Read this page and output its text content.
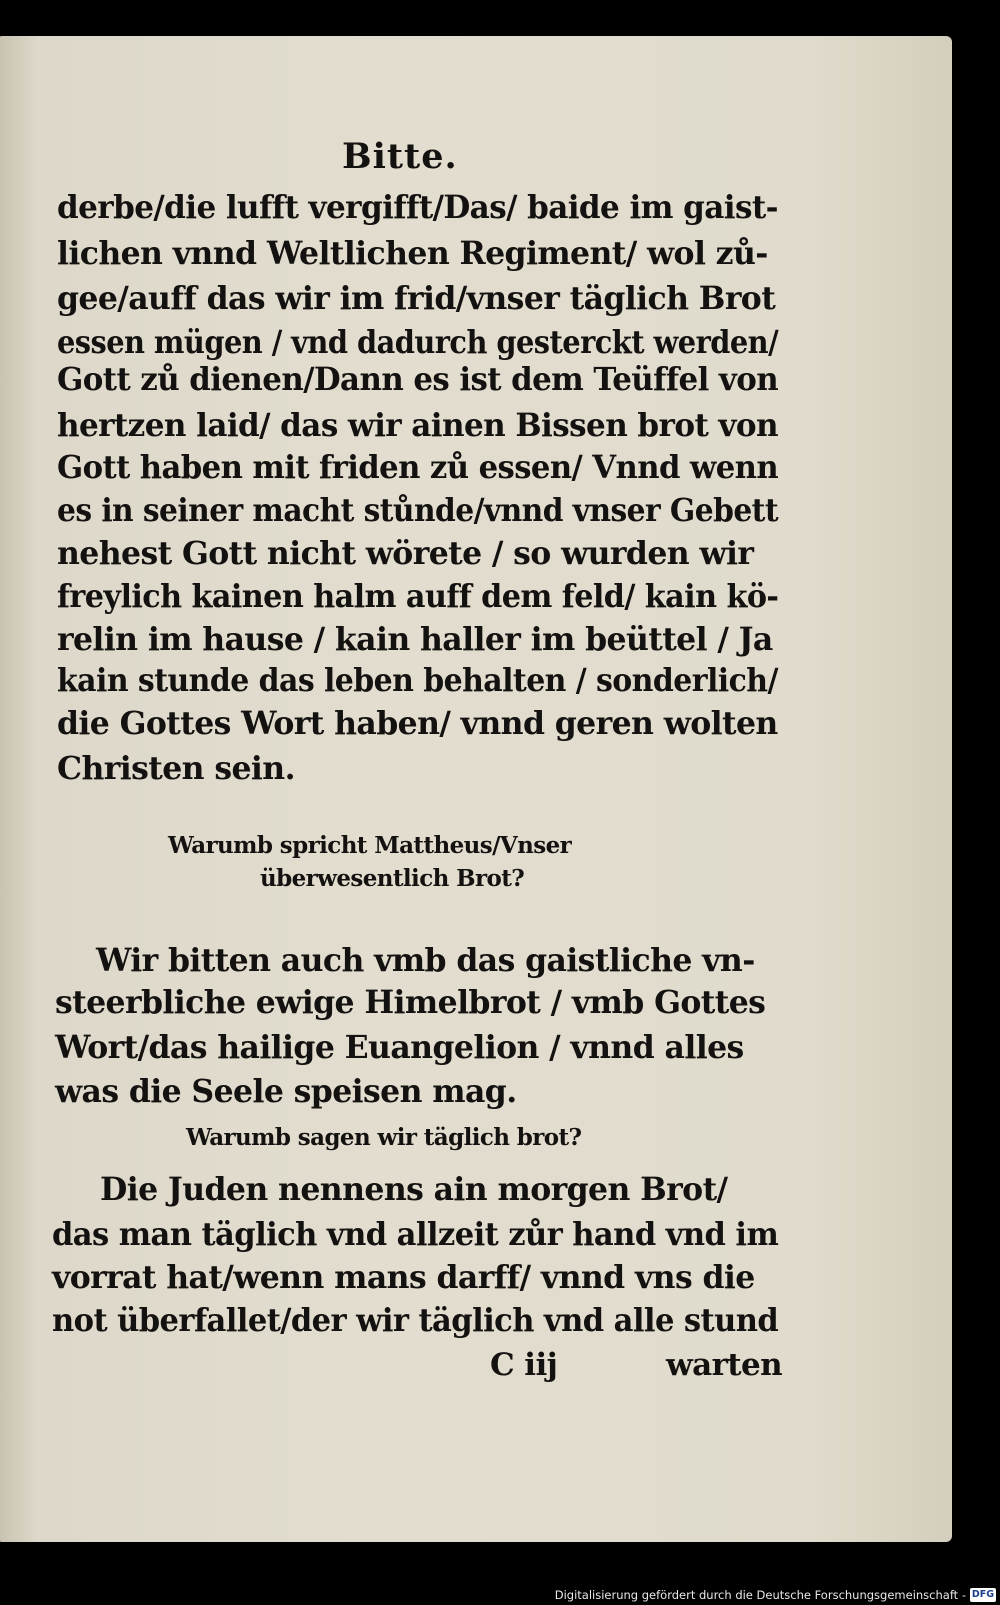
Bitte.
derbe/die lufft vergifft/Das/ baide im gaist-
lichen vnnd Weltlichen Regiment/ wol zů-
gee/auff das wir im frid/vnser täglich Brot
essen mügen / vnd dadurch gesterckt werden/
Gott zů dienen/Dann es ist dem Teüffel von
hertzen laid/ das wir ainen Bissen brot von
Gott haben mit friden zů essen/ Vnnd wenn
es in seiner macht stůnde/vnnd vnser Gebett
nehest Gott nicht wörete / so wurden wir
freylich kainen halm auff dem feld/ kain kö-
relin im hause / kain haller im beüttel / Ja
kain stunde das leben behalten / sonderlich/
die Gottes Wort haben/ vnnd geren wolten
Christen sein.
Warumb spricht Mattheus/Vnser
überwesentlich Brot?
Wir bitten auch vmb das gaistliche vn-
steerbliche ewige Himelbrot / vmb Gottes
Wort/das hailige Euangelion / vnnd alles
was die Seele speisen mag.
Warumb sagen wir täglich brot?
Die Juden nennens ain morgen Brot/
das man täglich vnd allzeit zůr hand vnd im
vorrat hat/wenn mans darff/ vnnd vns die
not überfallet/der wir täglich vnd alle stund
C iij	warten
Digitalisierung gefördert durch die Deutsche Forschungsgemeinschaft - DFG
